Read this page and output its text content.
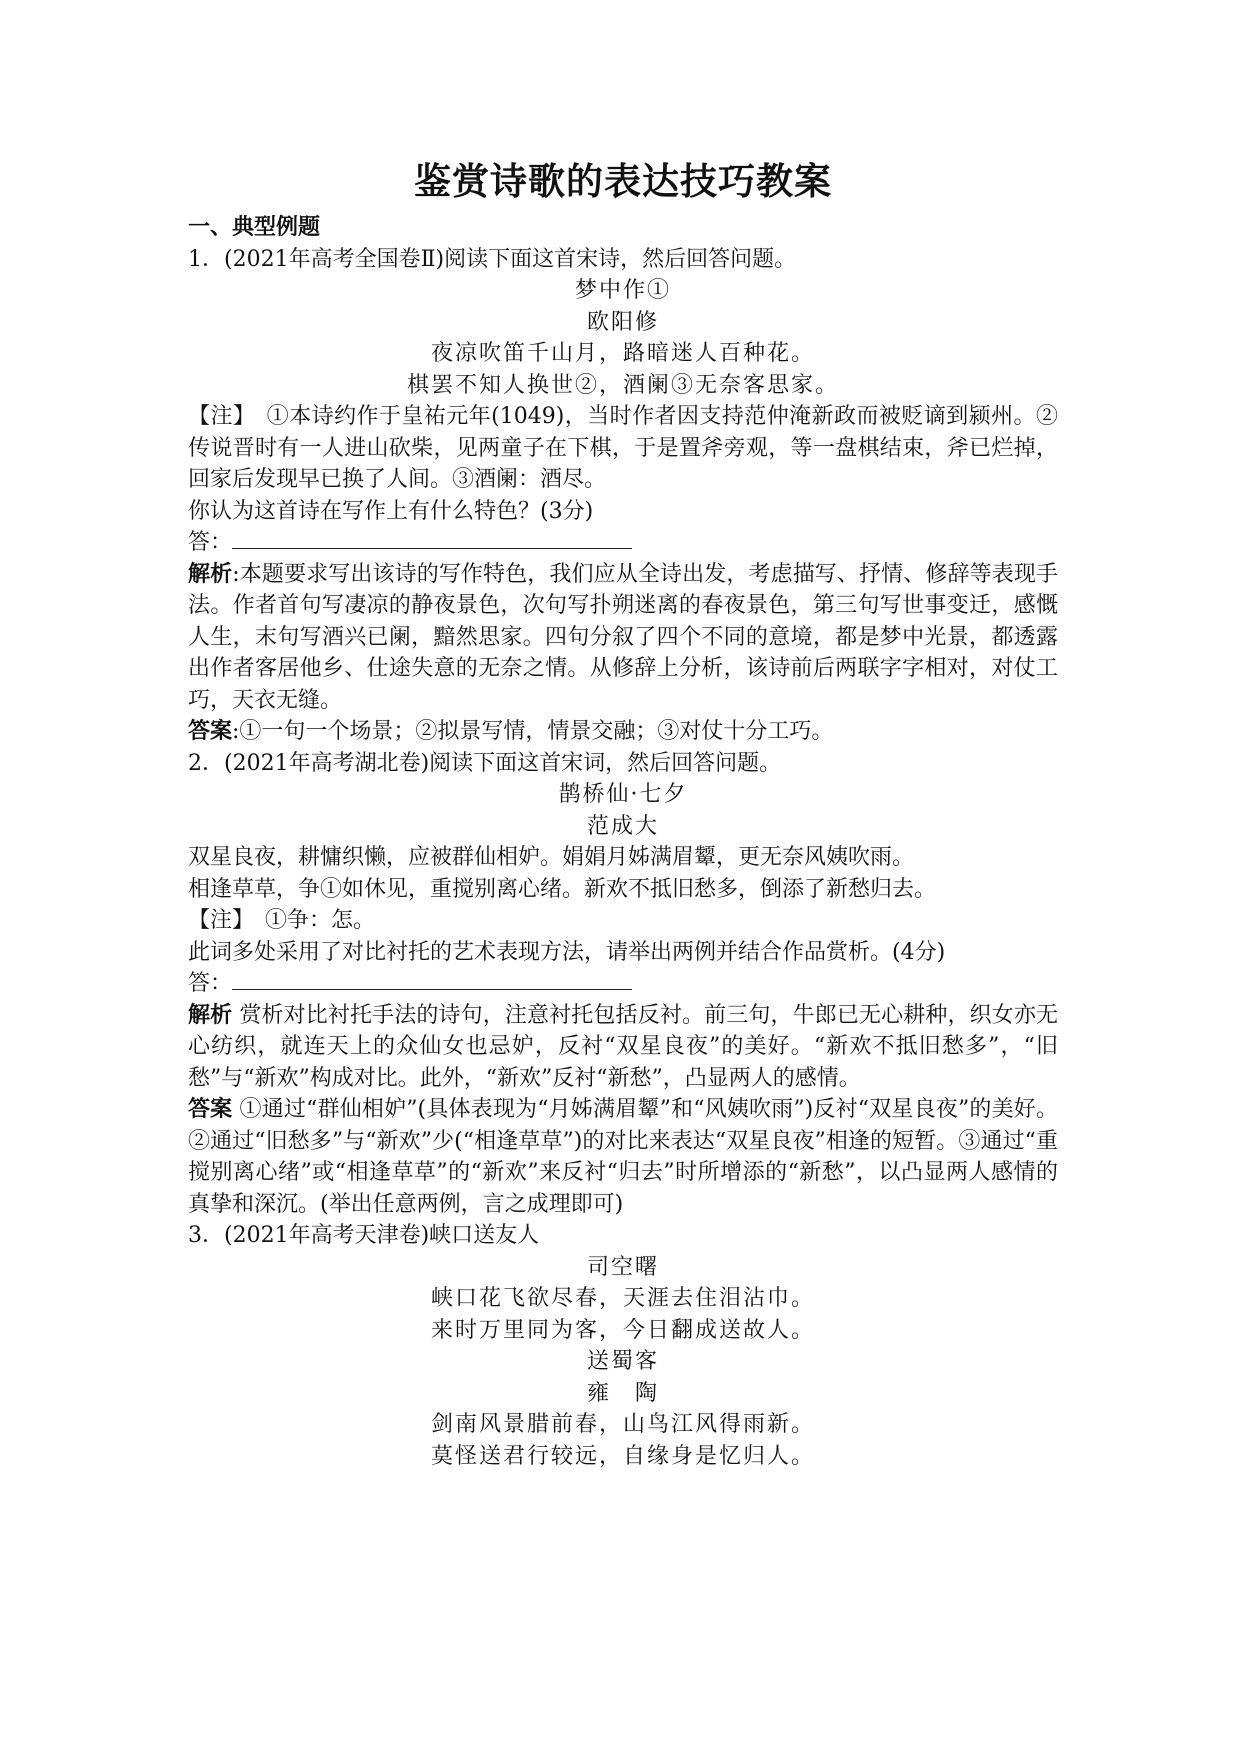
鉴赏诗歌的表达技巧教案

一、典型例题

1．(2021年高考全国卷Ⅱ)阅读下面这首宋诗，然后回答问题。

梦中作①

欧阳修

夜凉吹笛千山月，路暗迷人百种花。

棋罢不知人换世②，酒阑③无奈客思家。

【注】　 ①本诗约作于皇祐元年(1049)，当时作者因支持范仲淹新政而被贬谪到颍州。②传说晋时有一人进山砍柴，见两童子在下棋，于是置斧旁观，等一盘棋结束，斧已烂掉，回家后发现早已换了人间。③酒阑：酒尽。

你认为这首诗在写作上有什么特色？(3分)

答：

解析:本题要求写出该诗的写作特色，我们应从全诗出发，考虑描写、抒情、修辞等表现手法。作者首句写凄凉的静夜景色，次句写扑朔迷离的春夜景色，第三句写世事变迁，感慨人生，末句写酒兴已阑，黯然思家。四句分叙了四个不同的意境，都是梦中光景，都透露出作者客居他乡、仕途失意的无奈之情。从修辞上分析，该诗前后两联字字相对，对仗工巧，天衣无缝。

答案:①一句一个场景；②拟景写情，情景交融；③对仗十分工巧。

2．(2021年高考湖北卷)阅读下面这首宋词，然后回答问题。

鹊桥仙·七夕

范成大

双星良夜，耕慵织懒，应被群仙相妒。娟娟月姊满眉颦，更无奈风姨吹雨。

相逢草草，争①如休见，重搅别离心绪。新欢不抵旧愁多，倒添了新愁归去。

【注】　 ①争：怎。

此词多处采用了对比衬托的艺术表现方法，请举出两例并结合作品赏析。(4分)

答：

解析 赏析对比衬托手法的诗句，注意衬托包括反衬。前三句，牛郎已无心耕种，织女亦无心纺织，就连天上的众仙女也忌妒，反衬“双星良夜”的美好。“新欢不抵旧愁多”，“旧愁”与“新欢”构成对比。此外，“新欢”反衬“新愁”，凸显两人的感情。

答案 ①通过“群仙相妒”(具体表现为“月姊满眉颦”和“风姨吹雨”)反衬“双星良夜”的美好。②通过“旧愁多”与“新欢”少(“相逢草草”)的对比来表达“双星良夜”相逢的短暂。③通过“重搅别离心绪”或“相逢草草”的“新欢”来反衬“归去”时所增添的“新愁”，以凸显两人感情的真挚和深沉。(举出任意两例，言之成理即可)

3．(2021年高考天津卷)峡口送友人

司空曙

峡口花飞欲尽春，天涯去住泪沾巾。

来时万里同为客，今日翻成送故人。

送蜀客

雍　陶

剑南风景腊前春，山鸟江风得雨新。

莫怪送君行较远，自缘身是忆归人。
